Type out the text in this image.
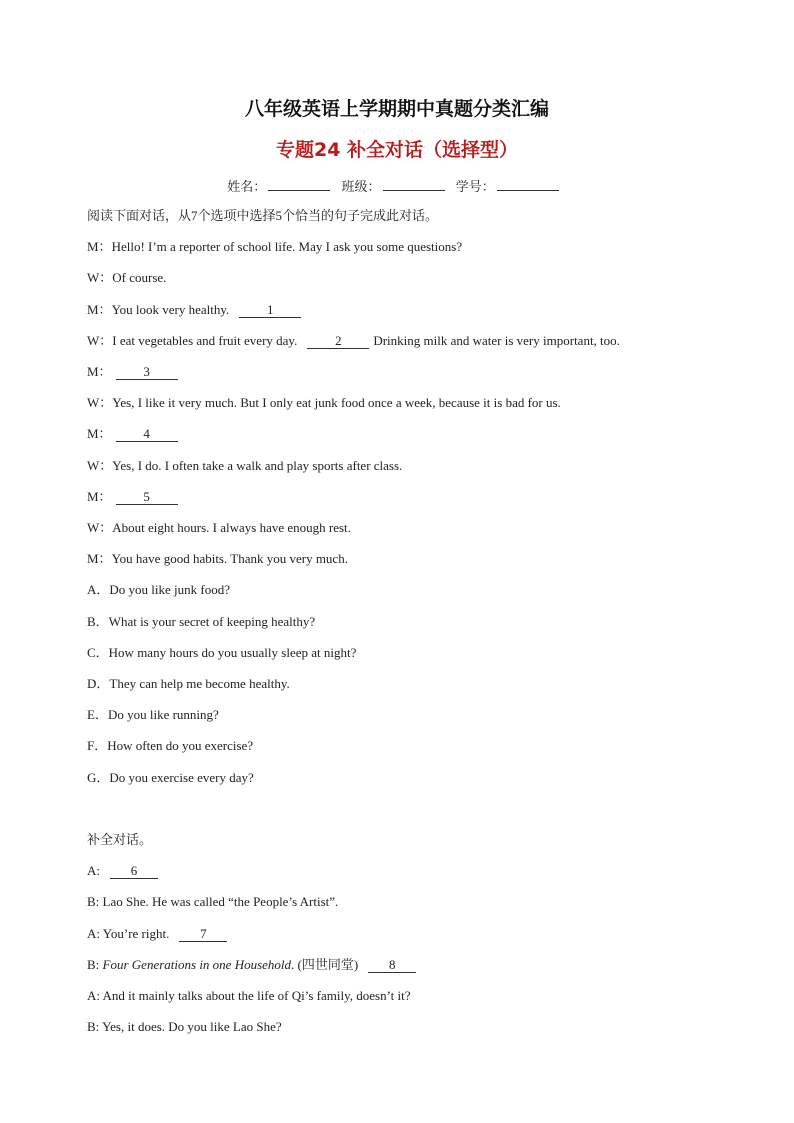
八年级英语上学期期中真题分类汇编
专题24 补全对话（选择型）
姓名：	班级：	学号：
阅读下面对话，从7个选项中选择5个恰当的句子完成此对话。
M：Hello! I’m a reporter of school life. May I ask you some questions?
W：Of course.
M：You look very healthy.	1
W：I eat vegetables and fruit every day.	2 Drinking milk and water is very important, too.
M： 3
W：Yes, I like it very much. But I only eat junk food once a week, because it is bad for us.
M： 4
W：Yes, I do. I often take a walk and play sports after class.
M： 5
W：About eight hours. I always have enough rest.
M：You have good habits. Thank you very much.
A．Do you like junk food?
B．What is your secret of keeping healthy?
C．How many hours do you usually sleep at night?
D．They can help me become healthy.
E．Do you like running?
F．How often do you exercise?
G．Do you exercise every day?
补全对话。
A: 6
B: Lao She. He was called “the People’s Artist”.
A: You’re right. 7
B: Four Generations in one Household. (四世同堂) 8
A: And it mainly talks about the life of Qi’s family, doesn’t it?
B: Yes, it does. Do you like Lao She?
